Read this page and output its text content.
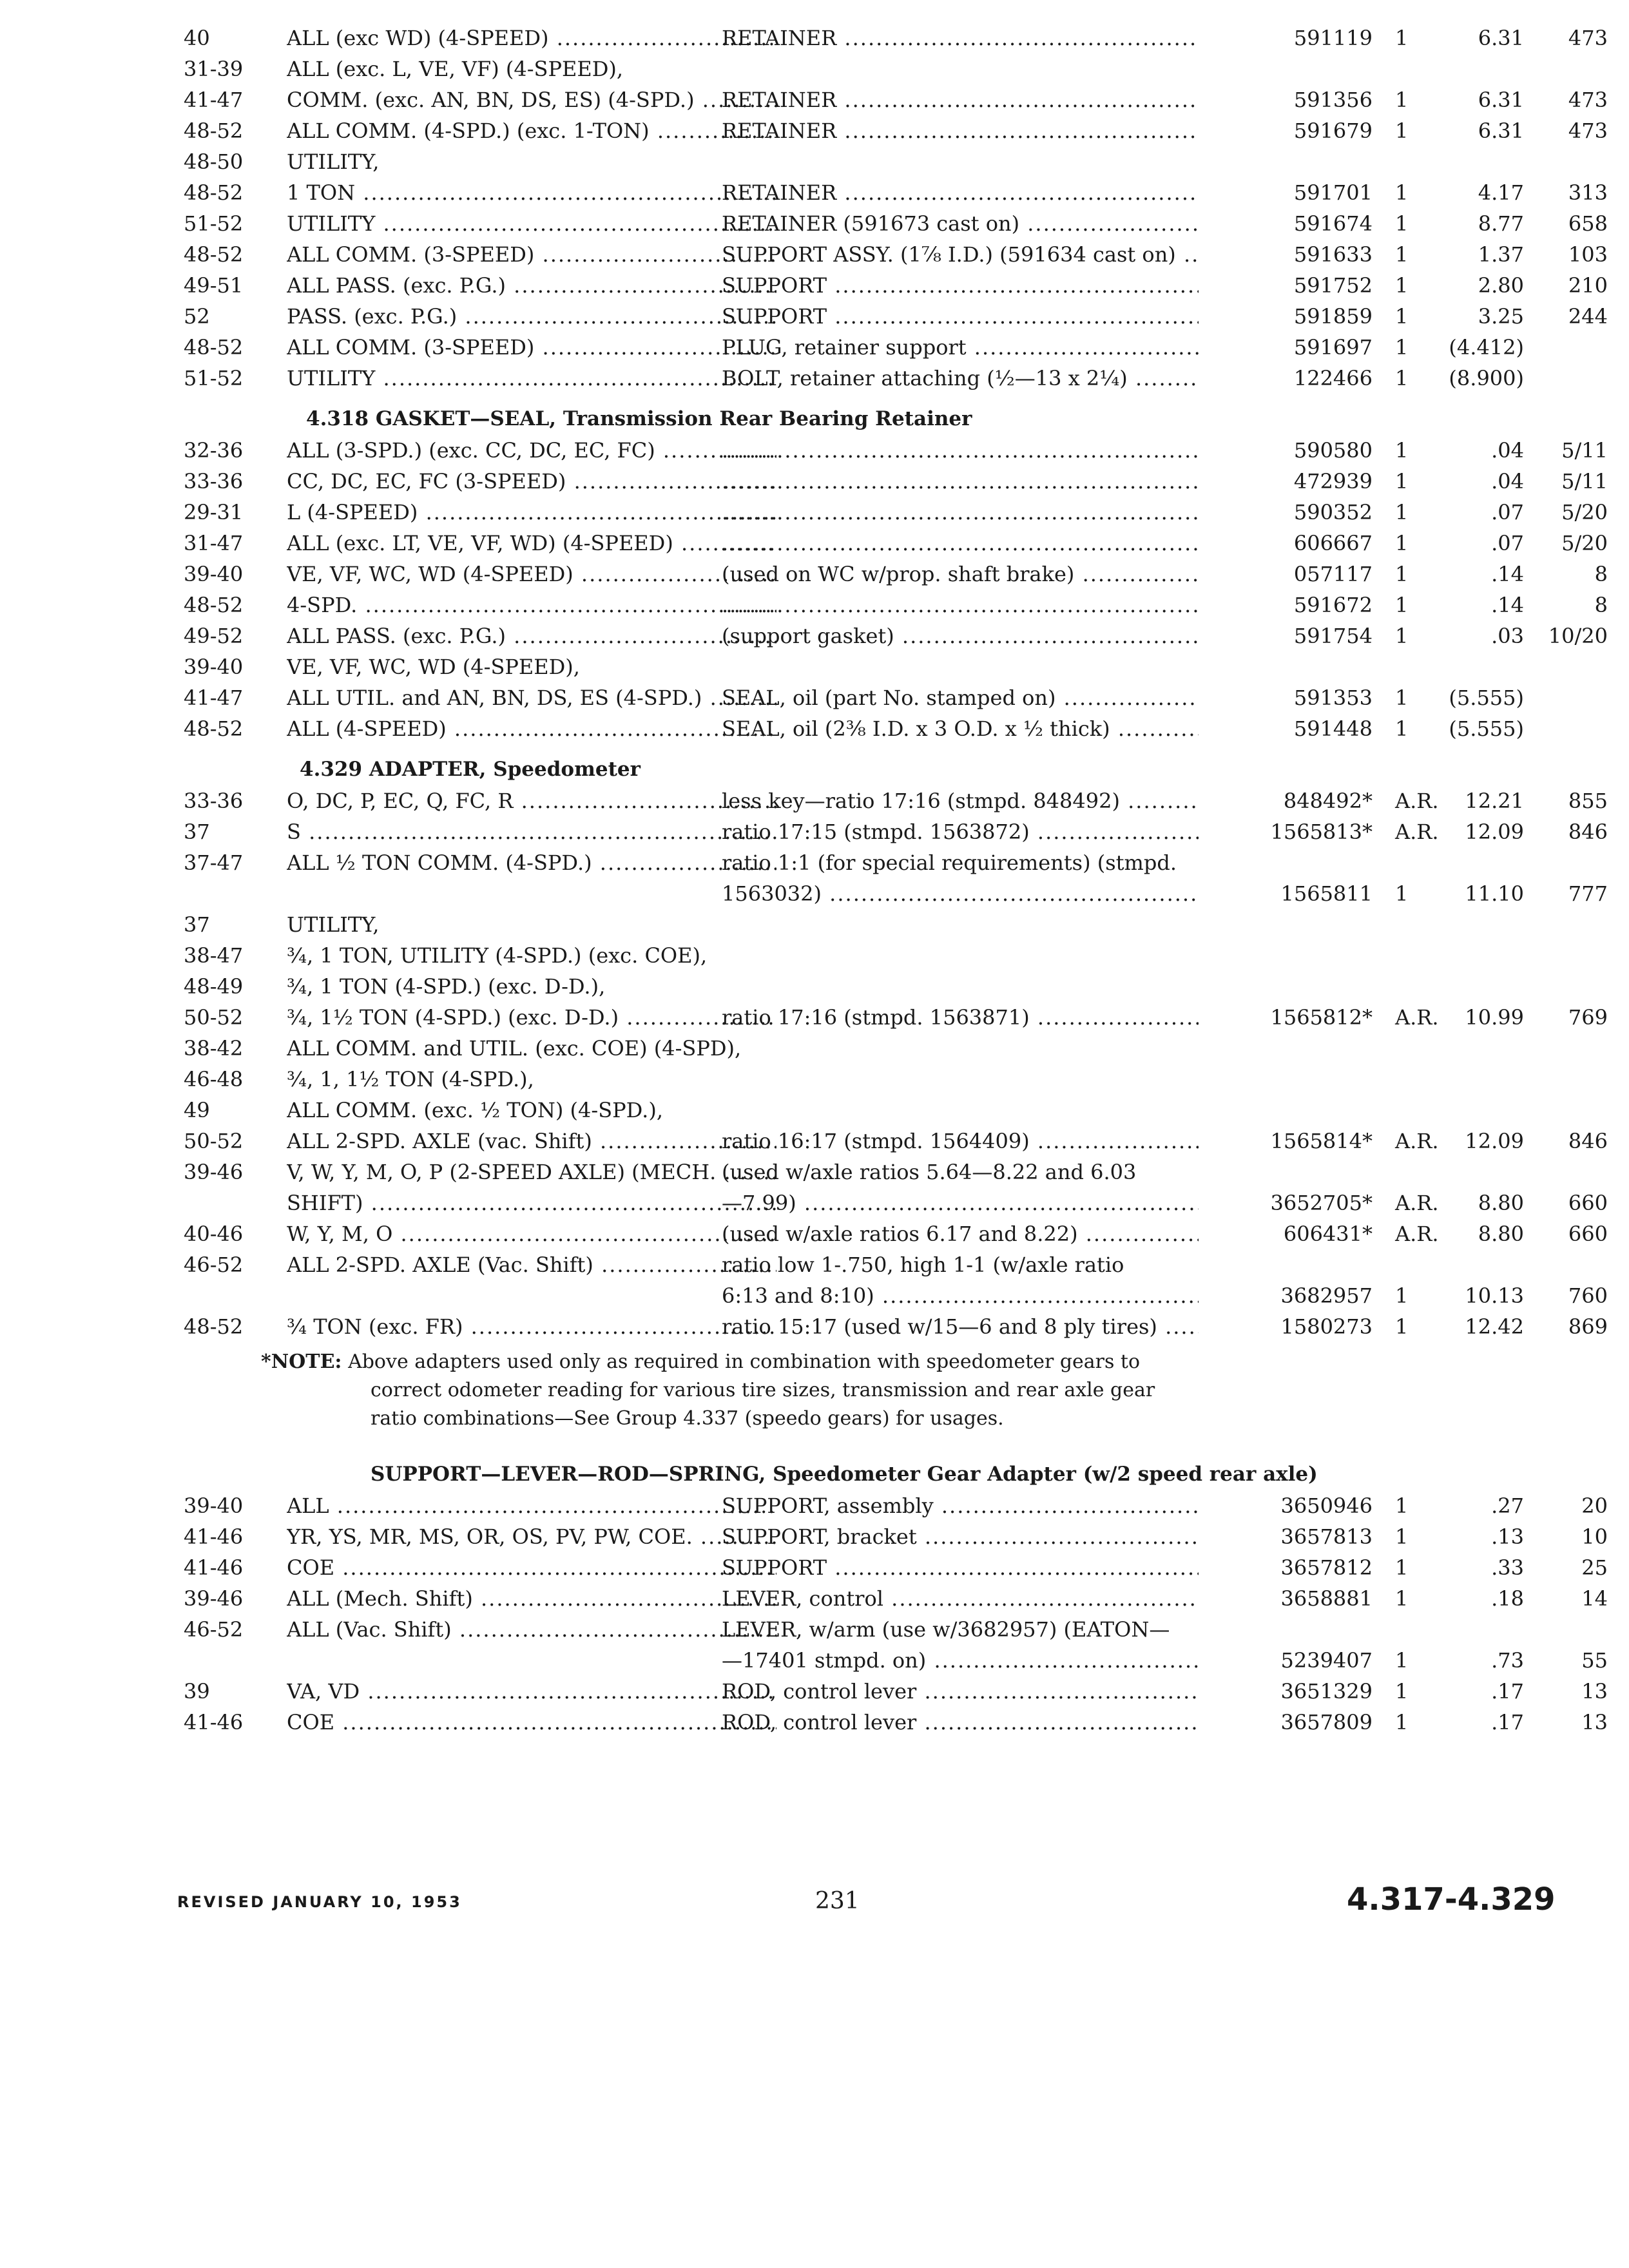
40	ALL (exc WD) (4-SPEED) .....	RETAINER .....	591119 1	6.31	473
31-39	ALL (exc. L, VE, VF) (4-SPEED),
41-47	COMM. (exc. AN, BN, DS, ES) (4-SPD.) .....	RETAINER .....	591356 1	6.31	473
48-52	ALL COMM. (4-SPD.) (exc. 1-TON) .....	RETAINER .....	591679 1	6.31	473
48-50	UTILITY,
48-52	1 TON .....	RETAINER .....	591701 1	4.17	313
51-52	UTILITY .....	RETAINER (591673 cast on) .....	591674 1	8.77	658
48-52	ALL COMM. (3-SPEED) .....	SUPPORT ASSY. (1⅞ I.D.) (591634 cast on) .....	591633 1	1.37	103
49-51	ALL PASS. (exc. P.G.) .....	SUPPORT .....	591752 1	2.80	210
52	PASS. (exc. P.G.) .....	SUPPORT .....	591859 1	3.25	244
48-52	ALL COMM. (3-SPEED) .....	PLUG, retainer support .....	591697 1	(4.412)
51-52	UTILITY .....	BOLT, retainer attaching (½—13 x 2¼) .....	122466 1	(8.900)
4.318 GASKET—SEAL, Transmission Rear Bearing Retainer
32-36	ALL (3-SPD.) (exc. CC, DC, EC, FC) ..... .....	590580 1	.04	5/11
33-36	CC, DC, EC, FC (3-SPEED) ..... .....	472939 1	.04	5/11
29-31	L (4-SPEED) ..... .....	590352 1	.07	5/20
31-47	ALL (exc. LT, VE, VF, WD) (4-SPEED) ..... .....	606667 1	.07	5/20
39-40	VE, VF, WC, WD (4-SPEED) .....	(used on WC w/prop. shaft brake) .....	057117 1	.14	8
48-52	4-SPD. ..... .....	591672 1	.14	8
49-52	ALL PASS. (exc. P.G.) .....	(support gasket) .....	591754 1	.03	10/20
39-40	VE, VF, WC, WD (4-SPEED),
41-47	ALL UTIL. and AN, BN, DS, ES (4-SPD.) ..... SEAL, oil (part No. stamped on) .....	591353 1	(5.555)
48-52	ALL (4-SPEED) .....	SEAL, oil (2⅜ I.D. x 3 O.D. x ½ thick) .....	591448 1	(5.555)
4.329 ADAPTER, Speedometer
33-36	O, DC, P, EC, Q, FC, R .....	less key—ratio 17:16 (stmpd. 848492) .....	848492* A.R.	12.21	855
37	S .....	ratio 17:15 (stmpd. 1563872) .....	1565813* A.R.	12.09	846
37-47	ALL ½ TON COMM. (4-SPD.) .....	ratio 1:1 (for special requirements) (stmpd.
1563032) .....	1565811 1	11.10	777
37	UTILITY,
38-47	¾, 1 TON, UTILITY (4-SPD.) (exc. COE),
48-49	¾, 1 TON (4-SPD.) (exc. D-D.),
50-52	¾, 1½ TON (4-SPD.) (exc. D-D.) .....	ratio 17:16 (stmpd. 1563871) .....	1565812* A.R.	10.99	769
38-42	ALL COMM. and UTIL. (exc. COE) (4-SPD),
46-48	¾, 1, 1½ TON (4-SPD.),
49	ALL COMM. (exc. ½ TON) (4-SPD.),
50-52	ALL 2-SPD. AXLE (vac. Shift) .....	ratio 16:17 (stmpd. 1564409) .....	1565814* A.R.	12.09	846
39-46	V, W, Y, M, O, P (2-SPEED AXLE) (MECH. ..... (used w/axle ratios 5.64—8.22 and 6.03
SHIFT) .....	—7.99) .....	3652705* A.R.	8.80	660
40-46	W, Y, M, O .....	(used w/axle ratios 6.17 and 8.22) .....	606431* A.R.	8.80	660
46-52	ALL 2-SPD. AXLE (Vac. Shift) .....	ratio low 1-.750, high 1-1 (w/axle ratio
6:13 and 8:10) .....	3682957 1	10.13	760
48-52	¾ TON (exc. FR) .....	ratio 15:17 (used w/15—6 and 8 ply tires) .....	1580273 1	12.42	869
*NOTE: Above adapters used only as required in combination with speedometer gears to correct odometer reading for various tire sizes, transmission and rear axle gear ratio combinations—See Group 4.337 (speedo gears) for usages.
SUPPORT—LEVER—ROD—SPRING, Speedometer Gear Adapter (w/2 speed rear axle)
39-40	ALL .....	SUPPORT, assembly .....	3650946 1	.27	20
41-46	YR, YS, MR, MS, OR, OS, PV, PW, COE. .....	SUPPORT, bracket .....	3657813 1	.13	10
41-46	COE .....	SUPPORT .....	3657812 1	.33	25
39-46	ALL (Mech. Shift) .....	LEVER, control .....	3658881 1	.18	14
46-52	ALL (Vac. Shift) .....	LEVER, w/arm (use w/3682957) (EATON—
—17401 stmpd. on) .....	5239407 1	.73	55
39	VA, VD .....	ROD, control lever .....	3651329 1	.17	13
41-46	COE .....	ROD, control lever .....	3657809 1	.17	13
REVISED JANUARY 10, 1953	231	4.317-4.329
